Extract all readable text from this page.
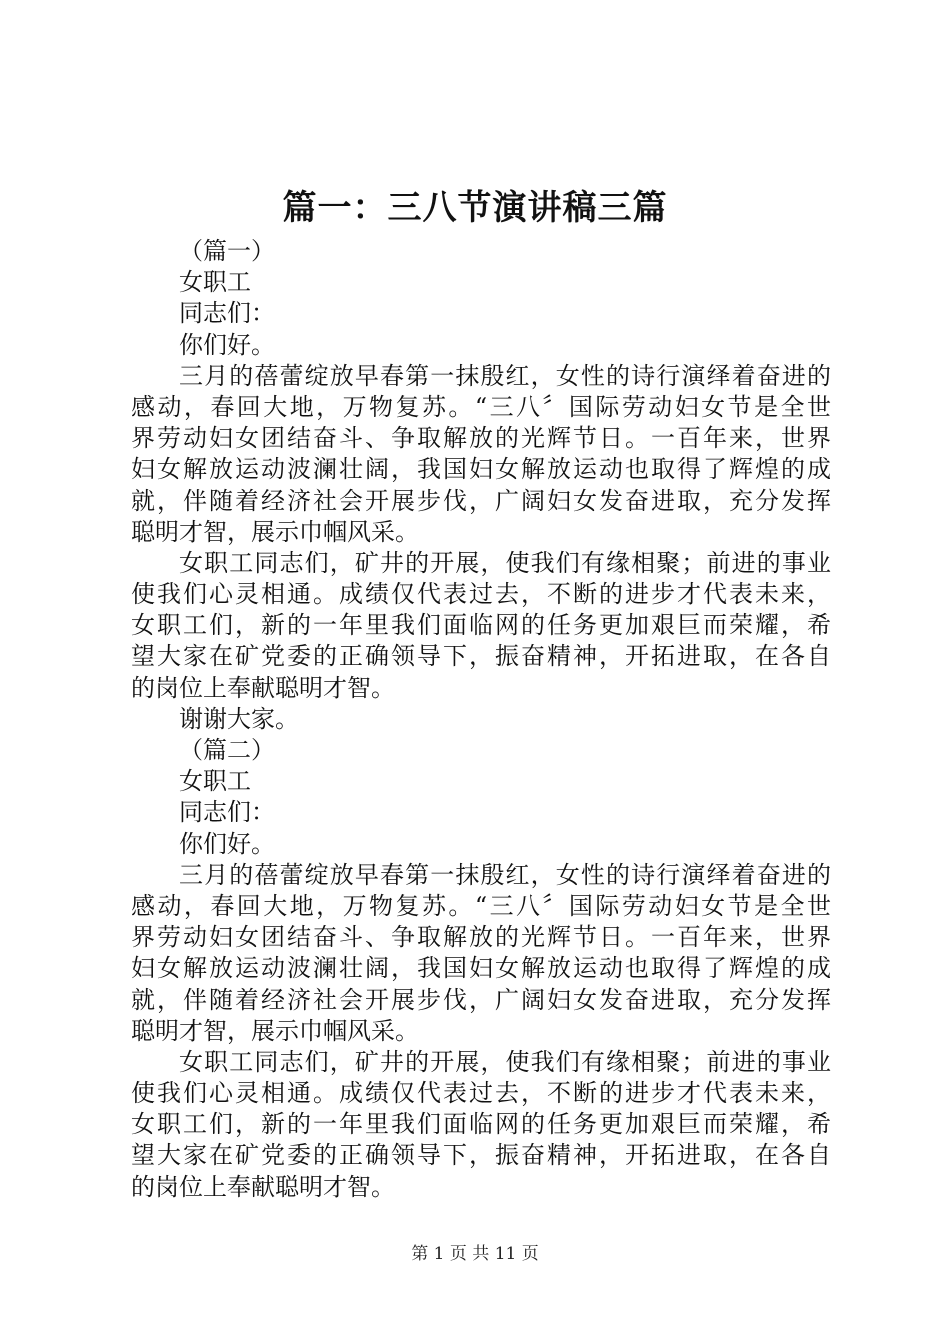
篇一：三八节演讲稿三篇
（篇一）
女职工
同志们：
你们好。
三月的蓓蕾绽放早春第一抹殷红，女性的诗行演绎着奋进的
感动，春回大地，万物复苏。“三八〞国际劳动妇女节是全世
界劳动妇女团结奋斗、争取解放的光辉节日。一百年来，世界
妇女解放运动波澜壮阔，我国妇女解放运动也取得了辉煌的成
就，伴随着经济社会开展步伐，广阔妇女发奋进取，充分发挥
聪明才智，展示巾帼风采。
女职工同志们，矿井的开展，使我们有缘相聚；前进的事业
使我们心灵相通。成绩仅代表过去，不断的进步才代表未来，
女职工们，新的一年里我们面临网的任务更加艰巨而荣耀，希
望大家在矿党委的正确领导下，振奋精神，开拓进取，在各自
的岗位上奉献聪明才智。
谢谢大家。
（篇二）
女职工
同志们：
你们好。
三月的蓓蕾绽放早春第一抹殷红，女性的诗行演绎着奋进的
感动，春回大地，万物复苏。“三八〞国际劳动妇女节是全世
界劳动妇女团结奋斗、争取解放的光辉节日。一百年来，世界
妇女解放运动波澜壮阔，我国妇女解放运动也取得了辉煌的成
就，伴随着经济社会开展步伐，广阔妇女发奋进取，充分发挥
聪明才智，展示巾帼风采。
女职工同志们，矿井的开展，使我们有缘相聚；前进的事业
使我们心灵相通。成绩仅代表过去，不断的进步才代表未来，
女职工们，新的一年里我们面临网的任务更加艰巨而荣耀，希
望大家在矿党委的正确领导下，振奋精神，开拓进取，在各自
的岗位上奉献聪明才智。
第 1 页 共 11 页
